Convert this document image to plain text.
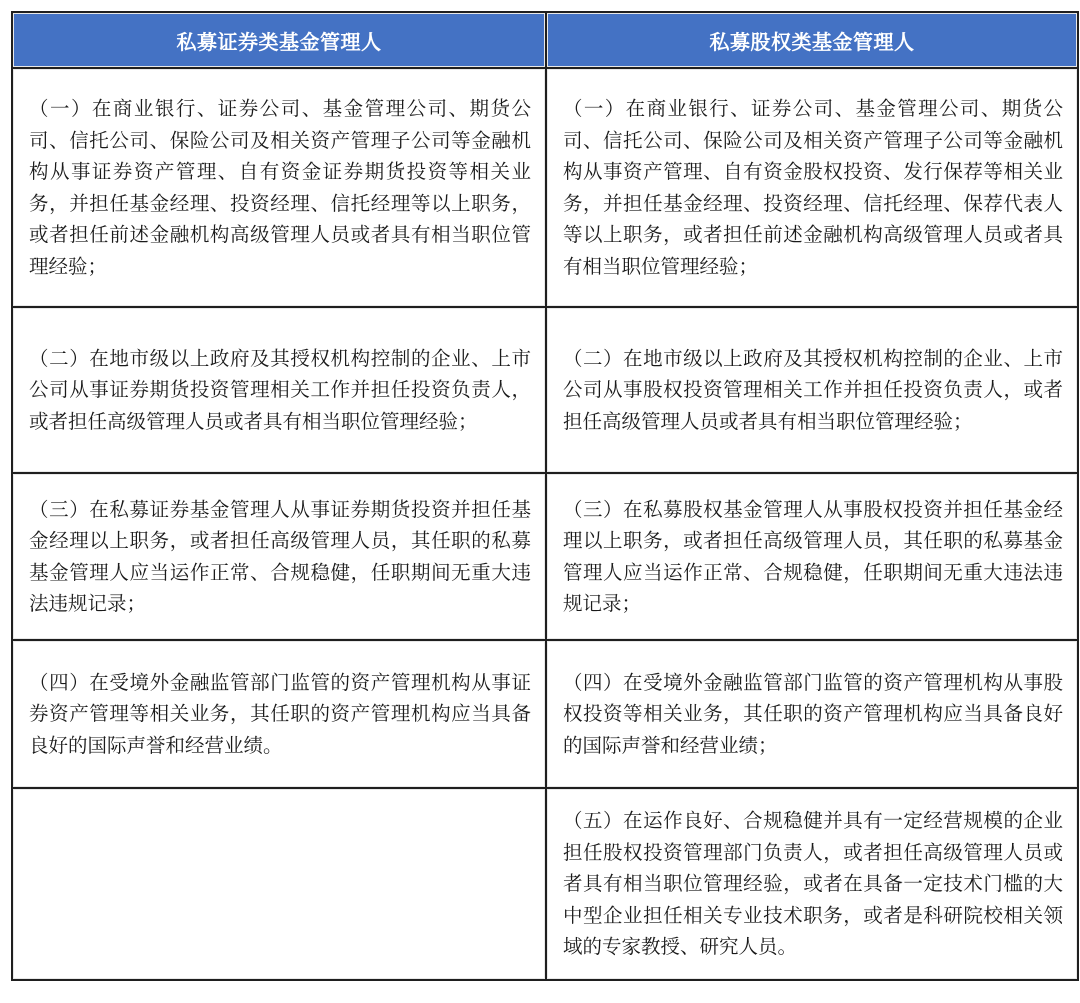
私募证券类基金管理人	私募股权类基金管理人
（一）在商业银行、证券公司、基金管理公司、期货公司、信托公司、保险公司及相关资产管理子公司等金融机构从事证券资产管理、自有资金证券期货投资等相关业务，并担任基金经理、投资经理、信托经理等以上职务，或者担任前述金融机构高级管理人员或者具有相当职位管理经验；	（一）在商业银行、证券公司、基金管理公司、期货公司、信托公司、保险公司及相关资产管理子公司等金融机构从事资产管理、自有资金股权投资、发行保荐等相关业务，并担任基金经理、投资经理、信托经理、保荐代表人等以上职务，或者担任前述金融机构高级管理人员或者具有相当职位管理经验；
（二）在地市级以上政府及其授权机构控制的企业、上市公司从事证券期货投资管理相关工作并担任投资负责人，或者担任高级管理人员或者具有相当职位管理经验；	（二）在地市级以上政府及其授权机构控制的企业、上市公司从事股权投资管理相关工作并担任投资负责人，或者担任高级管理人员或者具有相当职位管理经验；
（三）在私募证券基金管理人从事证券期货投资并担任基金经理以上职务，或者担任高级管理人员，其任职的私募基金管理人应当运作正常、合规稳健，任职期间无重大违法违规记录；	（三）在私募股权基金管理人从事股权投资并担任基金经理以上职务，或者担任高级管理人员，其任职的私募基金管理人应当运作正常、合规稳健，任职期间无重大违法违规记录；
（四）在受境外金融监管部门监管的资产管理机构从事证券资产管理等相关业务，其任职的资产管理机构应当具备良好的国际声誉和经营业绩。	（四）在受境外金融监管部门监管的资产管理机构从事股权投资等相关业务，其任职的资产管理机构应当具备良好的国际声誉和经营业绩；
	（五）在运作良好、合规稳健并具有一定经营规模的企业担任股权投资管理部门负责人，或者担任高级管理人员或者具有相当职位管理经验，或者在具备一定技术门槛的大中型企业担任相关专业技术职务，或者是科研院校相关领域的专家教授、研究人员。
